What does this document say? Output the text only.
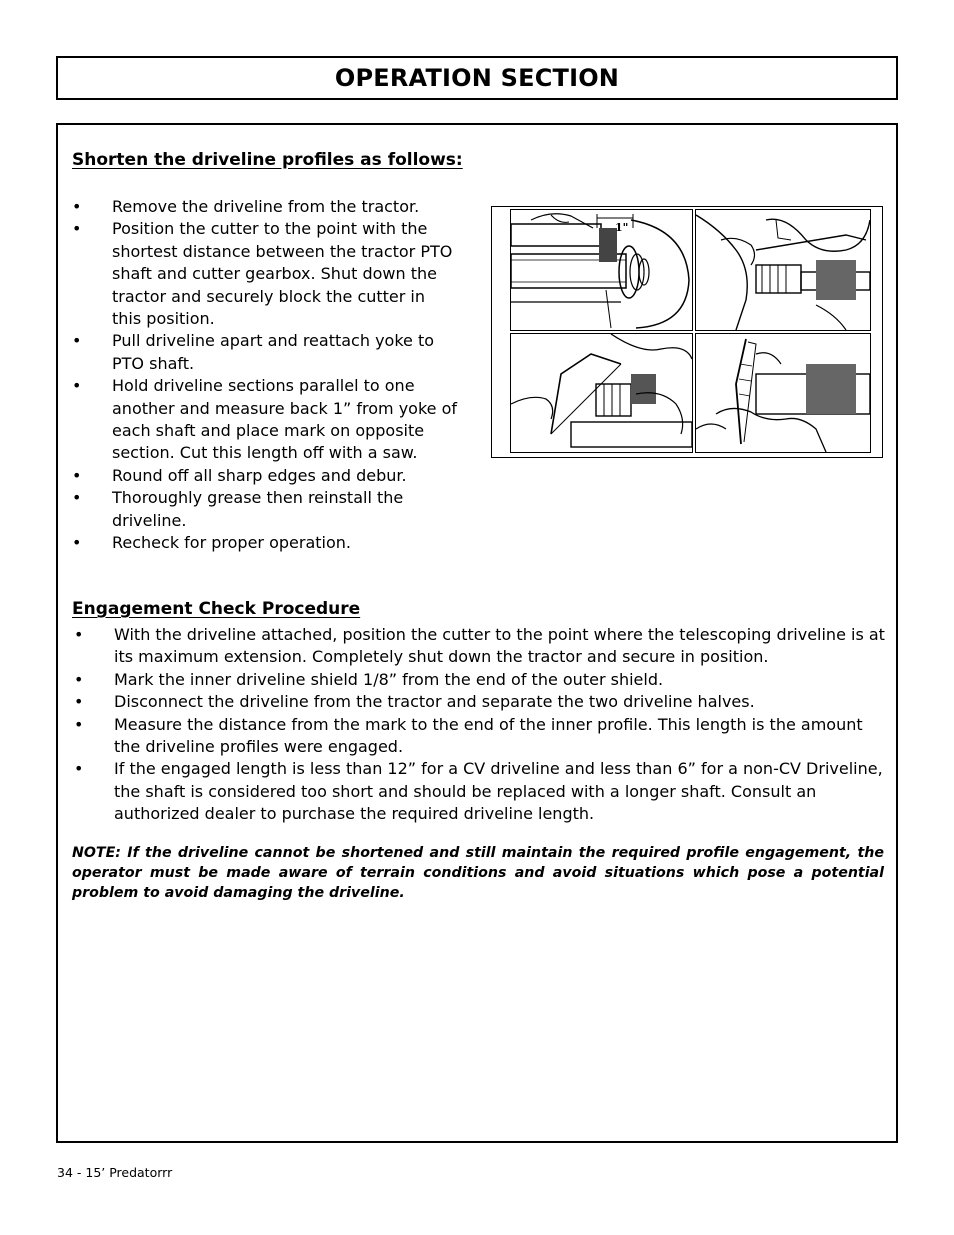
OPERATION SECTION
Shorten the driveline profiles as follows:
• Remove the driveline from the tractor.
• Position the cutter to the point with the shortest distance between the tractor PTO shaft and cutter gearbox. Shut down the tractor and securely block the cutter in this position.
• Pull driveline apart and reattach yoke to PTO shaft.
• Hold driveline sections parallel to one another and measure back 1” from yoke of each shaft and place mark on opposite section. Cut this length off with a saw.
• Round off all sharp edges and debur.
• Thoroughly grease then reinstall the driveline.
• Recheck for proper operation.
1"
Engagement Check Procedure
• With the driveline attached, position the cutter to the point where the telescoping driveline is at its maximum extension. Completely shut down the tractor and secure in position.
• Mark the inner driveline shield 1/8” from the end of the outer shield.
• Disconnect the driveline from the tractor and separate the two driveline halves.
• Measure the distance from the mark to the end of the inner profile. This length is the amount the driveline profiles were engaged.
• If the engaged length is less than 12” for a CV driveline and less than 6” for a non-CV Driveline, the shaft is considered too short and should be replaced with a longer shaft. Consult an authorized dealer to purchase the required driveline length.

NOTE: If the driveline cannot be shortened and still maintain the required profile engagement, the operator must be made aware of terrain conditions and avoid situations which pose a potential problem to avoid damaging the driveline.

34 - 15’ Predatorrr
